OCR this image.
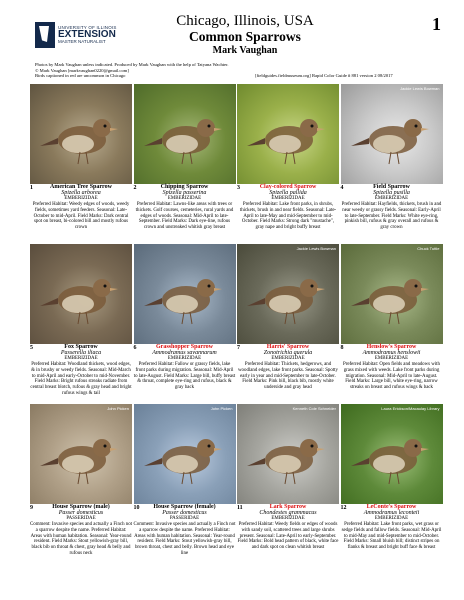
UNIVERSITY OF ILLINOIS
EXTENSION
MASTER NATURALIST
Chicago, Illinois, USA
Common Sparrows
Mark Vaughan
1
Photos by Mark Vaughan unless indicated. Produced by Mark Vaughan with the help of Tatyana Wachter.
© Mark Vaughan [markvaughan0220@gmail.com]
Birds captioned in red are uncommon in Chicago	[fieldguides.fieldmuseum.org] Rapid Color Guide # 881 version 2 08/2017
1	American Tree Sparrow
Spizella arborea
EMBERIZIDAE
Preferred Habitat: Weedy edges of woods, weedy fields, sometimes yard feeders. Seasonal: Late-October to mid-April. Field Marks: Dark central spot on breast, bi-colored bill and mostly rufous crown
2	Chipping Sparrow
Spizella passerina
EMBERIZIDAE
Preferred Habitat: Lawns-like areas with trees or thickets. Golf courses, cemeteries, rural yards and edges of woods. Seasonal: Mid-April to late-September. Field Marks: Dark eye-line, rufous crown and unstreaked whitish gray breast
3	Clay-colored Sparrow
Spizella pallida
EMBERIZIDAE
Preferred Habitat: Lake front parks, in shrubs, thickets, brush in and near fields. Seasonal: Late-April to late-May and mid-September to mid-October. Field Marks: Strong dark "mustache", gray nape and bright buffy breast
Jackie Lewis Bowman
4	Field Sparrow
Spizella pusilla
EMBERIZIDAE
Preferred Habitat: Hayfields, thickets, brush in and near weedy or grassy fields. Seasonal: Early-April to late-September. Field Marks: White eye-ring, pinkish bill, rufous & gray overall and rufous & gray crown
5	Fox Sparrow
Passerella iliaca
EMBERIZIDAE
Preferred Habitat: Woodland thickets, wood edges, & in brushy or weedy fields. Seasonal: Mid-March to mid-April and early-October to mid-November. Field Marks: Bright rufous streaks radiate from central breast blotch, rufous & gray head and bright rufous wings & tail
6	Grasshopper Sparrow
Ammodramus savannarum
EMBERIZIDAE
Preferred Habitat: Fallow or grassy fields, lake front parks during migration. Seasonal: Mid-April to late-August. Field Marks: Large bill, buffy breast & throat, complete eye-ring and rufous, black & gray back
Jackie Lewis Bowman
7	Harris' Sparrow
Zonotrichia querula
EMBERIZIDAE
Preferred Habitat: Thickets, hedgerows, and woodland edges, lake front parks. Seasonal: Spotty early in year and mid-September to late-October. Field Marks: Pink bill, black bib, mostly white underside and gray head
Chuck Tuttle
8	Henslow's Sparrow
Ammodramus henslowii
EMBERIZIDAE
Preferred Habitat: Open fields and meadows with grass mixed with weeds. Lake front parks during migration. Seasonal: Mid-April to late-August. Field Marks: Large bill, white eye-ring, narrow streaks on breast and rufous wings & back
John Picken
9	House Sparrow (male)
Passer domesticus
PASSERIDAE
Comment: Invasive species and actually a Finch not a sparrow despite the name. Preferred Habitat: Areas with human habitation. Seasonal: Year-round resident. Field Marks: Stout yellowish-gray bill, black bib on throat & chest, gray head & belly and rufous neck
John Picken
10	House Sparrow (female)
Passer domesticus
PASSERIDAE
Comment: Invasive species and actually a Finch not a sparrow despite the name. Preferred Habitat: Areas with human habitation. Seasonal: Year-round resident. Field Marks: Stout yellowish-gray bill, brown throat, chest and belly. Brown head and eye line
Kenneth Cole Schneider
11	Lark Sparrow
Chondestes grammacus
EMBERIZIDAE
Preferred Habitat: Weedy fields or edges of woods with sandy soil, scattered trees and large shrubs present. Seasonal: Late-April to early-September. Field Marks: Bold head pattern of black, white face and dark spot on clean whitish breast
Laura Erickson/Macaulay Library
12	LeConte's Sparrow
Ammodramus leconteii
EMBERIZIDAE
Preferred Habitat: Lake front parks, wet grass or sedge fields and fallow fields. Seasonal: Mid-April to mid-May and mid-September to mid-October. Field Marks: Small bluish bill; distinct stripes on flanks & breast and bright buff face & breast
